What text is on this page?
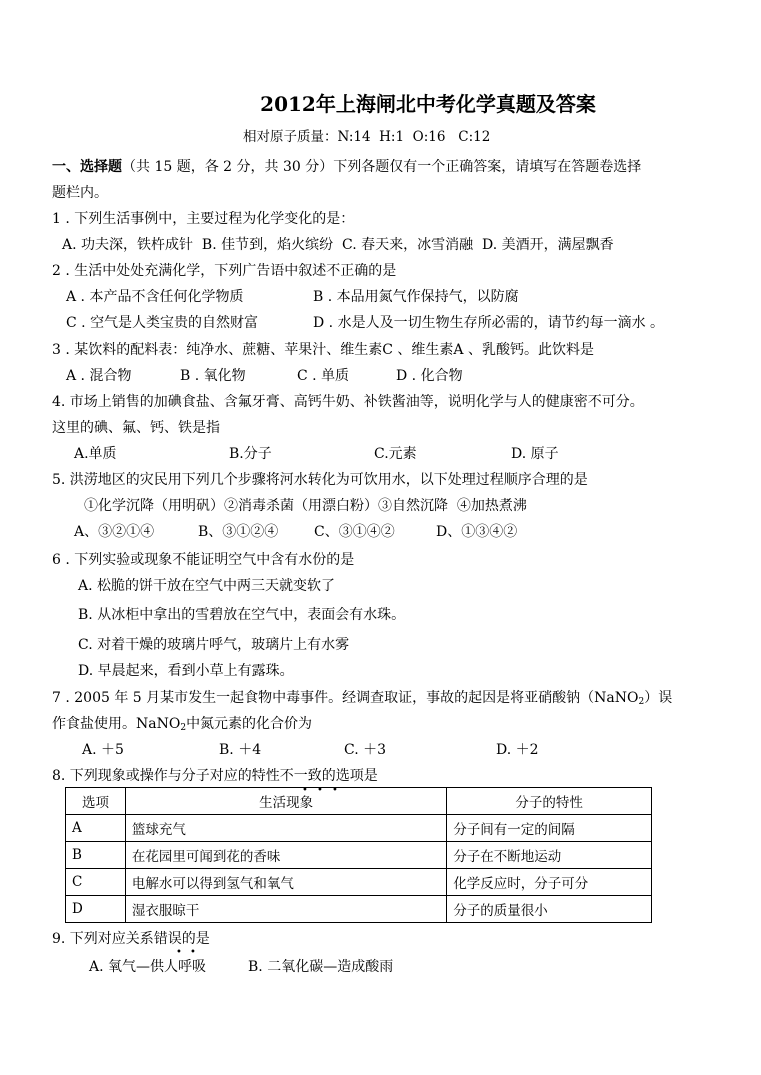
2012年上海闸北中考化学真题及答案
相对原子质量：N:14  H:1  O:16   C:12
一、选择题（共 15 题，各 2 分，共 30 分）下列各题仅有一个正确答案，请填写在答题卷选择
题栏内。
1 . 下列生活事例中，主要过程为化学变化的是：
A. 功夫深，铁杵成针  B. 佳节到，焰火缤纷  C. 春天来，冰雪消融  D. 美酒开，满屋飘香
2 . 生活中处处充满化学，下列广告语中叙述不正确的是
A . 本产品不含任何化学物质	B . 本品用氮气作保持气，以防腐
C . 空气是人类宝贵的自然财富	D . 水是人及一切生物生存所必需的，请节约每一滴水 。
3 . 某饮料的配料表：纯净水、蔗糖、苹果汁、维生素C 、维生素A 、乳酸钙。此饮料是
A . 混合物	B . 氧化物	C . 单质	D . 化合物
4. 市场上销售的加碘食盐、含氟牙膏、高钙牛奶、补铁酱油等，说明化学与人的健康密不可分。
这里的碘、氟、钙、铁是指
A.单质	B.分子	C.元素	D. 原子
5. 洪涝地区的灾民用下列几个步骤将河水转化为可饮用水，以下处理过程顺序合理的是
①化学沉降（用明矾）②消毒杀菌（用漂白粉）③自然沉降  ④加热煮沸
A、③②①④	B、③①②④	C、③①④②	D、①③④②
6 . 下列实验或现象不能证明空气中含有水份的是
A. 松脆的饼干放在空气中两三天就变软了
B. 从冰柜中拿出的雪碧放在空气中，表面会有水珠。
C. 对着干燥的玻璃片呼气，玻璃片上有水雾
D. 早晨起来，看到小草上有露珠。
7 . 2005 年 5 月某市发生一起食物中毒事件。经调查取证，事故的起因是将亚硝酸钠（NaNO$_2$）误
作食盐使用。NaNO$_2$中氮元素的化合价为
A. ＋5	B. ＋4	C. ＋3	D. ＋2
8. 下列现象或操作与分子对应的特性不一致的选项是
• • •
选项	生活现象	分子的特性
A	篮球充气	分子间有一定的间隔
B	在花园里可闻到花的香味	分子在不断地运动
C	电解水可以得到氢气和氧气	化学反应时，分子可分
D	湿衣服晾干	分子的质量很小
9. 下列对应关系错误的是
• •
A. 氧气—供人呼吸	B. 二氧化碳—造成酸雨
